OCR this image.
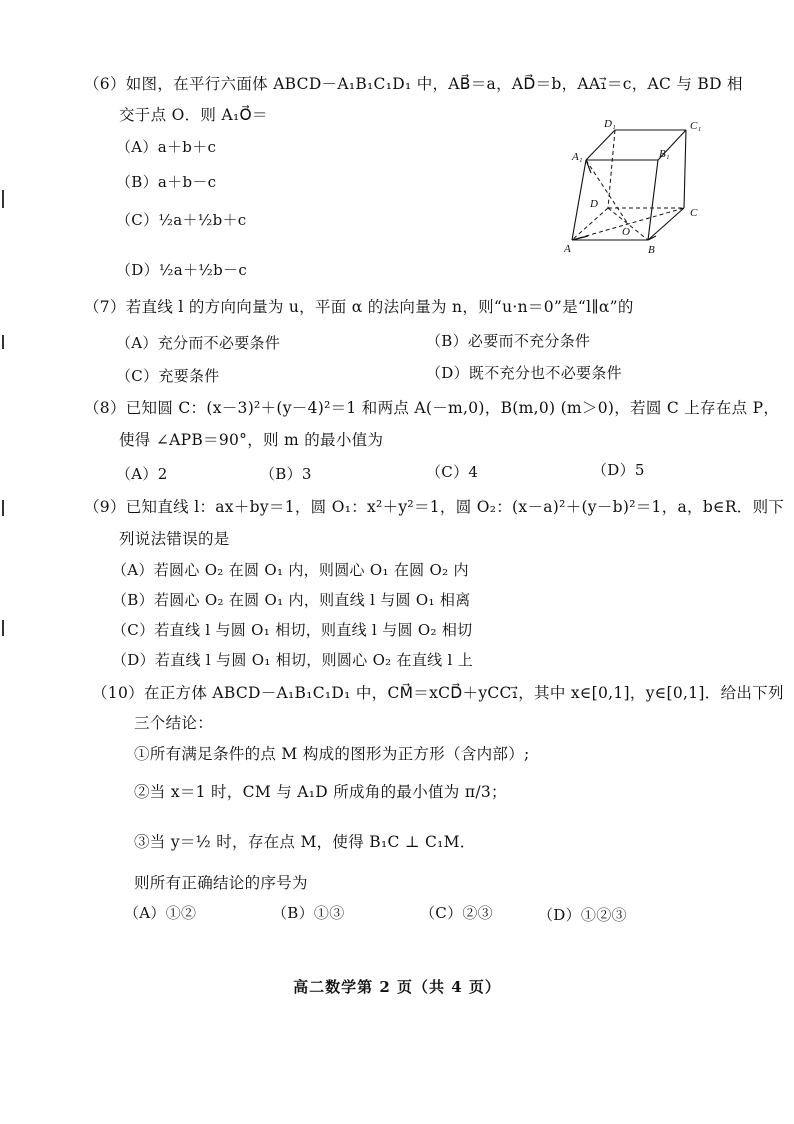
（6）如图，在平行六面体 ABCD－A₁B₁C₁D₁ 中，AB⃗＝a，AD⃗＝b，AA₁⃗＝c，AC 与 BD 相
交于点 O．则 A₁O⃗＝
（A）a＋b＋c
（B）a＋b－c
（C）½a＋½b＋c
（D）½a＋½b－c
D₁	C₁
A₁	B₁
D
C
O
A	B
（7）若直线 l 的方向向量为 u，平面 α 的法向量为 n，则“u·n＝0”是“l∥α”的
（A）充分而不必要条件	（B）必要而不充分条件
（C）充要条件	（D）既不充分也不必要条件
（8）已知圆 C：(x－3)²＋(y－4)²＝1 和两点 A(－m,0)，B(m,0) (m＞0)，若圆 C 上存在点 P，
使得 ∠APB＝90°，则 m 的最小值为
（A）2	（B）3	（C）4	（D）5
（9）已知直线 l：ax＋by＝1，圆 O₁：x²＋y²＝1，圆 O₂：(x－a)²＋(y－b)²＝1，a，b∈R．则下
列说法错误的是
（A）若圆心 O₂ 在圆 O₁ 内，则圆心 O₁ 在圆 O₂ 内
（B）若圆心 O₂ 在圆 O₁ 内，则直线 l 与圆 O₁ 相离
（C）若直线 l 与圆 O₁ 相切，则直线 l 与圆 O₂ 相切
（D）若直线 l 与圆 O₁ 相切，则圆心 O₂ 在直线 l 上
（10）在正方体 ABCD－A₁B₁C₁D₁ 中，CM⃗＝xCD⃗＋yCC₁⃗，其中 x∈[0,1]，y∈[0,1]．给出下列
三个结论：
①所有满足条件的点 M 构成的图形为正方形（含内部）;
②当 x＝1 时，CM 与 A₁D 所成角的最小值为 π/3；
③当 y＝½ 时，存在点 M，使得 B₁C ⊥ C₁M．
则所有正确结论的序号为
（A）①②	（B）①③	（C）②③	（D）①②③
高二数学第 2 页（共 4 页）
